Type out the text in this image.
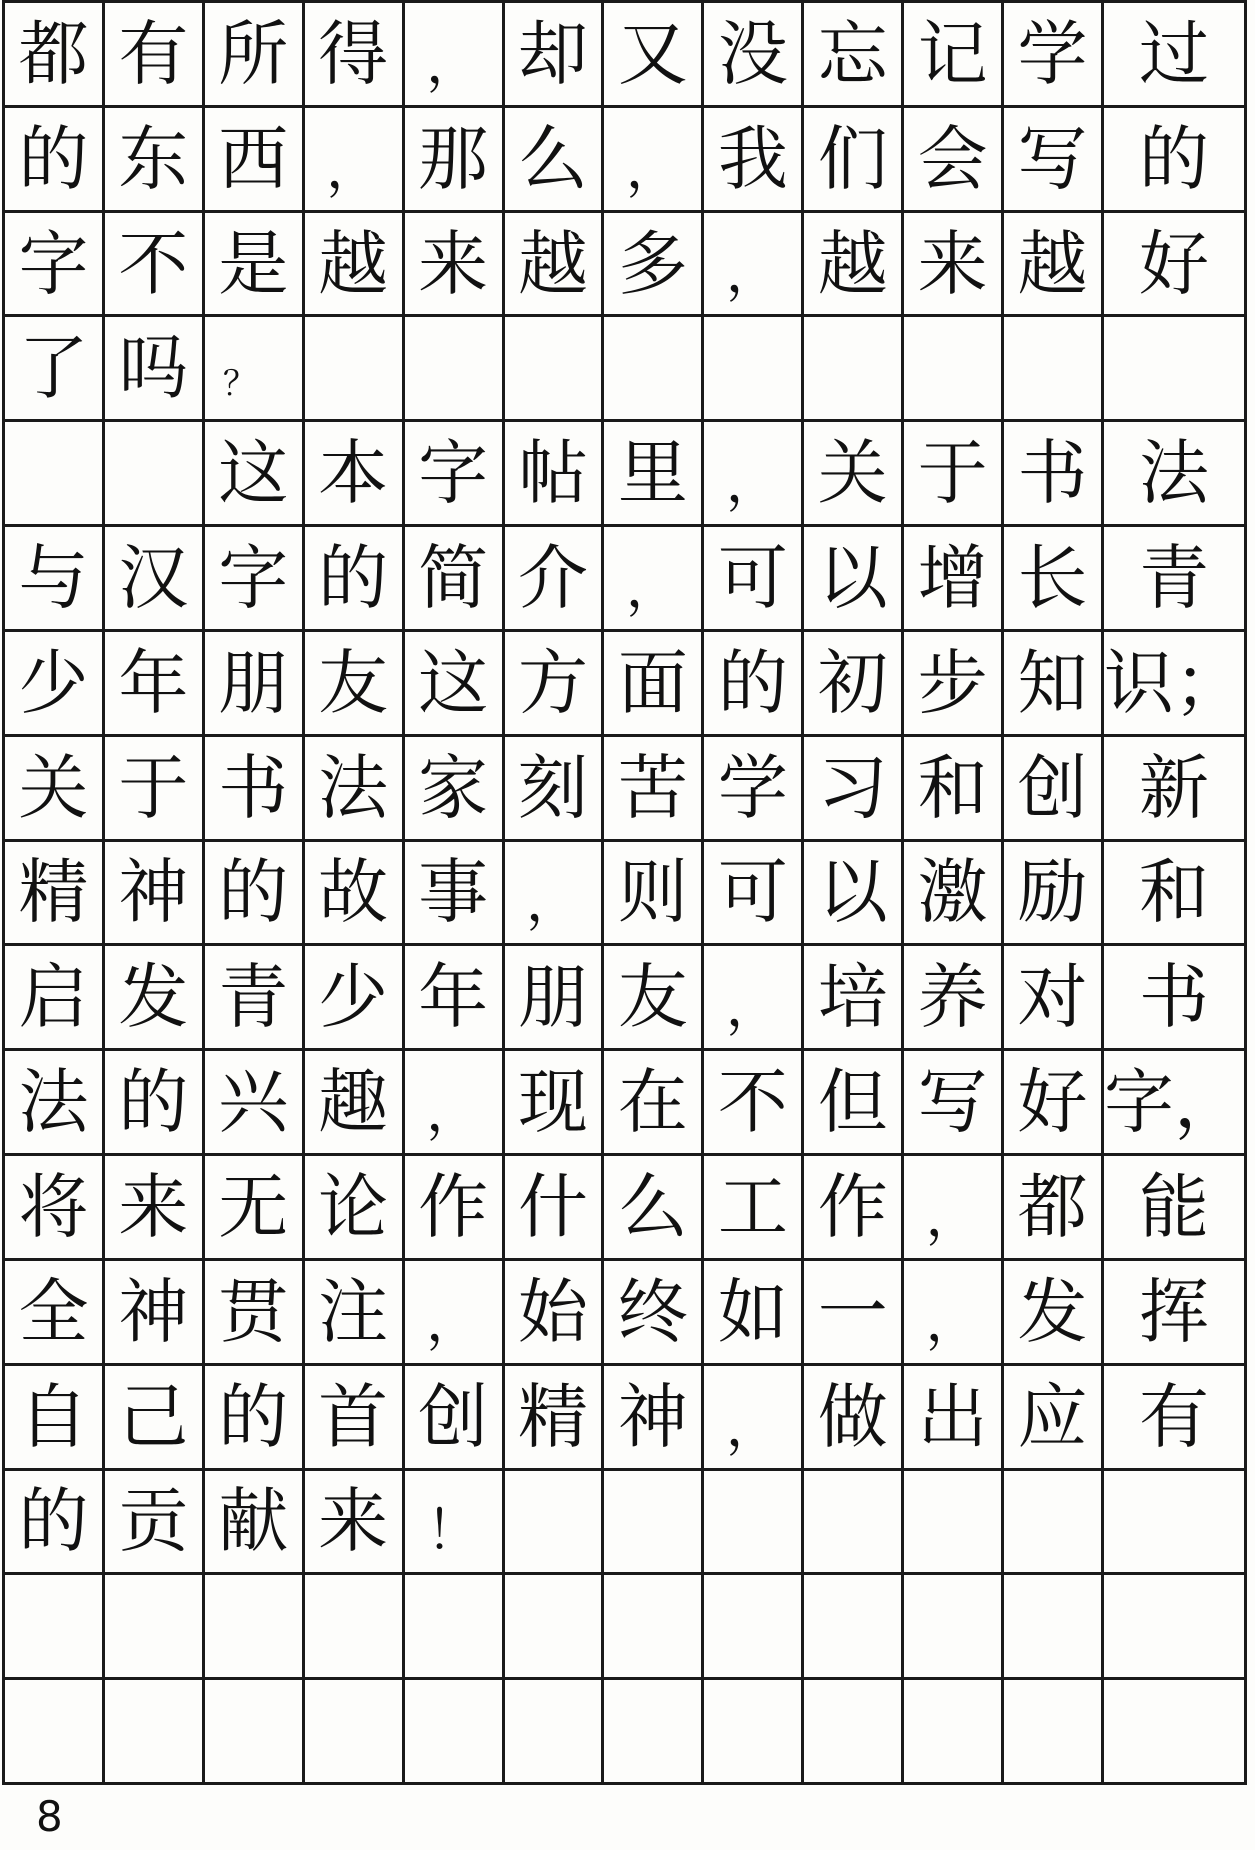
都 有 所 得 ， 却 又 没 忘 记 学 过
的 东 西 ， 那 么 ， 我 们 会 写 的
字 不 是 越 来 越 多 ， 越 来 越 好
了 吗	？
这 本 字 帖 里 ， 关 于 书 法
与 汉 字 的 简 介 ， 可 以 增 长 青
少 年 朋 友 这 方 面 的 初 步 知 识；
关 于 书 法 家 刻 苦 学 习 和 创 新
精 神 的 故 事 ， 则 可 以 激 励 和
启 发 青 少 年 朋 友 ， 培 养 对 书
法 的 兴 趣 ， 现 在 不 但 写 好 字，
将 来 无 论 作 什 么 工 作 ， 都 能
全 神 贯 注 ， 始 终 如 一 ， 发 挥
自 己 的 首 创 精 神 ， 做 出 应 有
的 贡 献 来 ！
8
